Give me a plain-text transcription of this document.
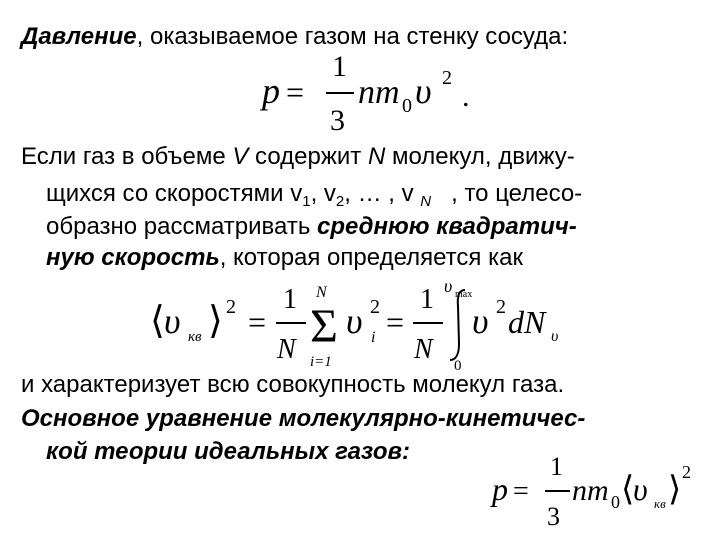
Давление, оказываемое газом на стенку сосуда:
p =
1
3
n m 0 υ 2
.
Если газ в объеме V содержит N молекул, движу-
щихся со скоростями $v_1$, $v_2$, … , v $_N$   , то целесо-
образно рассматривать среднюю квадратич-
ную скорость, которая определяется как
⟨ υ кв ⟩ 2 =
1
N
N
Σ
i=1
υ 2
i =
1
N
υ max
0
υ 2 dN υ
и характеризует всю совокупность молекул газа.
Основное уравнение молекулярно-кинетичес-
кой теории идеальных газов:
p =
1
3
n m 0 ⟨
υ кв ⟩ 2
